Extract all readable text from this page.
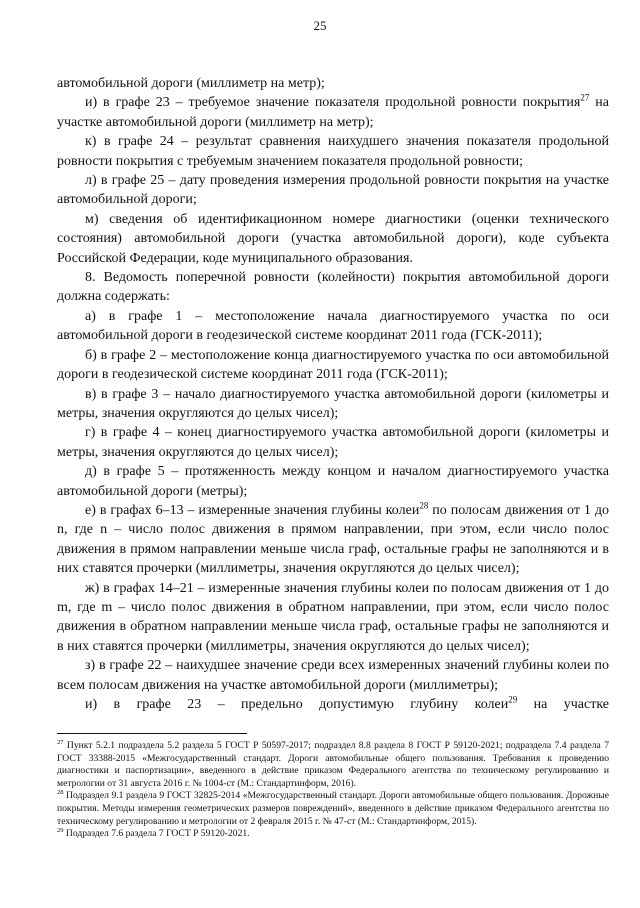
25

автомобильной дороги (миллиметр на метр);

и) в графе 23 – требуемое значение показателя продольной ровности покрытия$^{27}$ на участке автомобильной дороги (миллиметр на метр);

к) в графе 24 – результат сравнения наихудшего значения показателя продольной ровности покрытия с требуемым значением показателя продольной ровности;

л) в графе 25 – дату проведения измерения продольной ровности покрытия на участке автомобильной дороги;

м) сведения об идентификационном номере диагностики (оценки технического состояния) автомобильной дороги (участка автомобильной дороги), коде субъекта Российской Федерации, коде муниципального образования.

8. Ведомость поперечной ровности (колейности) покрытия автомобильной дороги должна содержать:

а) в графе 1 – местоположение начала диагностируемого участка по оси автомобильной дороги в геодезической системе координат 2011 года (ГСК-2011);

б) в графе 2 – местоположение конца диагностируемого участка по оси автомобильной дороги в геодезической системе координат 2011 года (ГСК-2011);

в) в графе 3 – начало диагностируемого участка автомобильной дороги (километры и метры, значения округляются до целых чисел);

г) в графе 4 – конец диагностируемого участка автомобильной дороги (километры и метры, значения округляются до целых чисел);

д) в графе 5 – протяженность между концом и началом диагностируемого участка автомобильной дороги (метры);

е) в графах 6–13 – измеренные значения глубины колеи$^{28}$ по полосам движения от 1 до n, где n – число полос движения в прямом направлении, при этом, если число полос движения в прямом направлении меньше числа граф, остальные графы не заполняются и в них ставятся прочерки (миллиметры, значения округляются до целых чисел);

ж) в графах 14–21 – измеренные значения глубины колеи по полосам движения от 1 до m, где m – число полос движения в обратном направлении, при этом, если число полос движения в обратном направлении меньше числа граф, остальные графы не заполняются и в них ставятся прочерки (миллиметры, значения округляются до целых чисел);

з) в графе 22 – наихудшее значение среди всех измеренных значений глубины колеи по всем полосам движения на участке автомобильной дороги (миллиметры);

и) в графе 23 – предельно допустимую глубину колеи$^{29}$ на участке

$^{27}$ Пункт 5.2.1 подраздела 5.2 раздела 5 ГОСТ Р 50597-2017; подраздел 8.8 раздела 8 ГОСТ Р 59120-2021; подраздела 7.4 раздела 7 ГОСТ 33388-2015 «Межгосударственный стандарт. Дороги автомобильные общего пользования. Требования к проведению диагностики и паспортизации», введенного в действие приказом Федерального агентства по техническому регулированию и метрологии от 31 августа 2016 г. № 1004-ст (М.: Стандартинформ, 2016).

$^{28}$ Подраздел 9.1 раздела 9 ГОСТ 32825-2014 «Межгосударственный стандарт. Дороги автомобильные общего пользования. Дорожные покрытия. Методы измерения геометрических размеров повреждений», введенного в действие приказом Федерального агентства по техническому регулированию и метрологии от 2 февраля 2015 г. № 47-ст (М.: Стандартинформ, 2015).

$^{29}$ Подраздел 7.6 раздела 7 ГОСТ Р 59120-2021.
